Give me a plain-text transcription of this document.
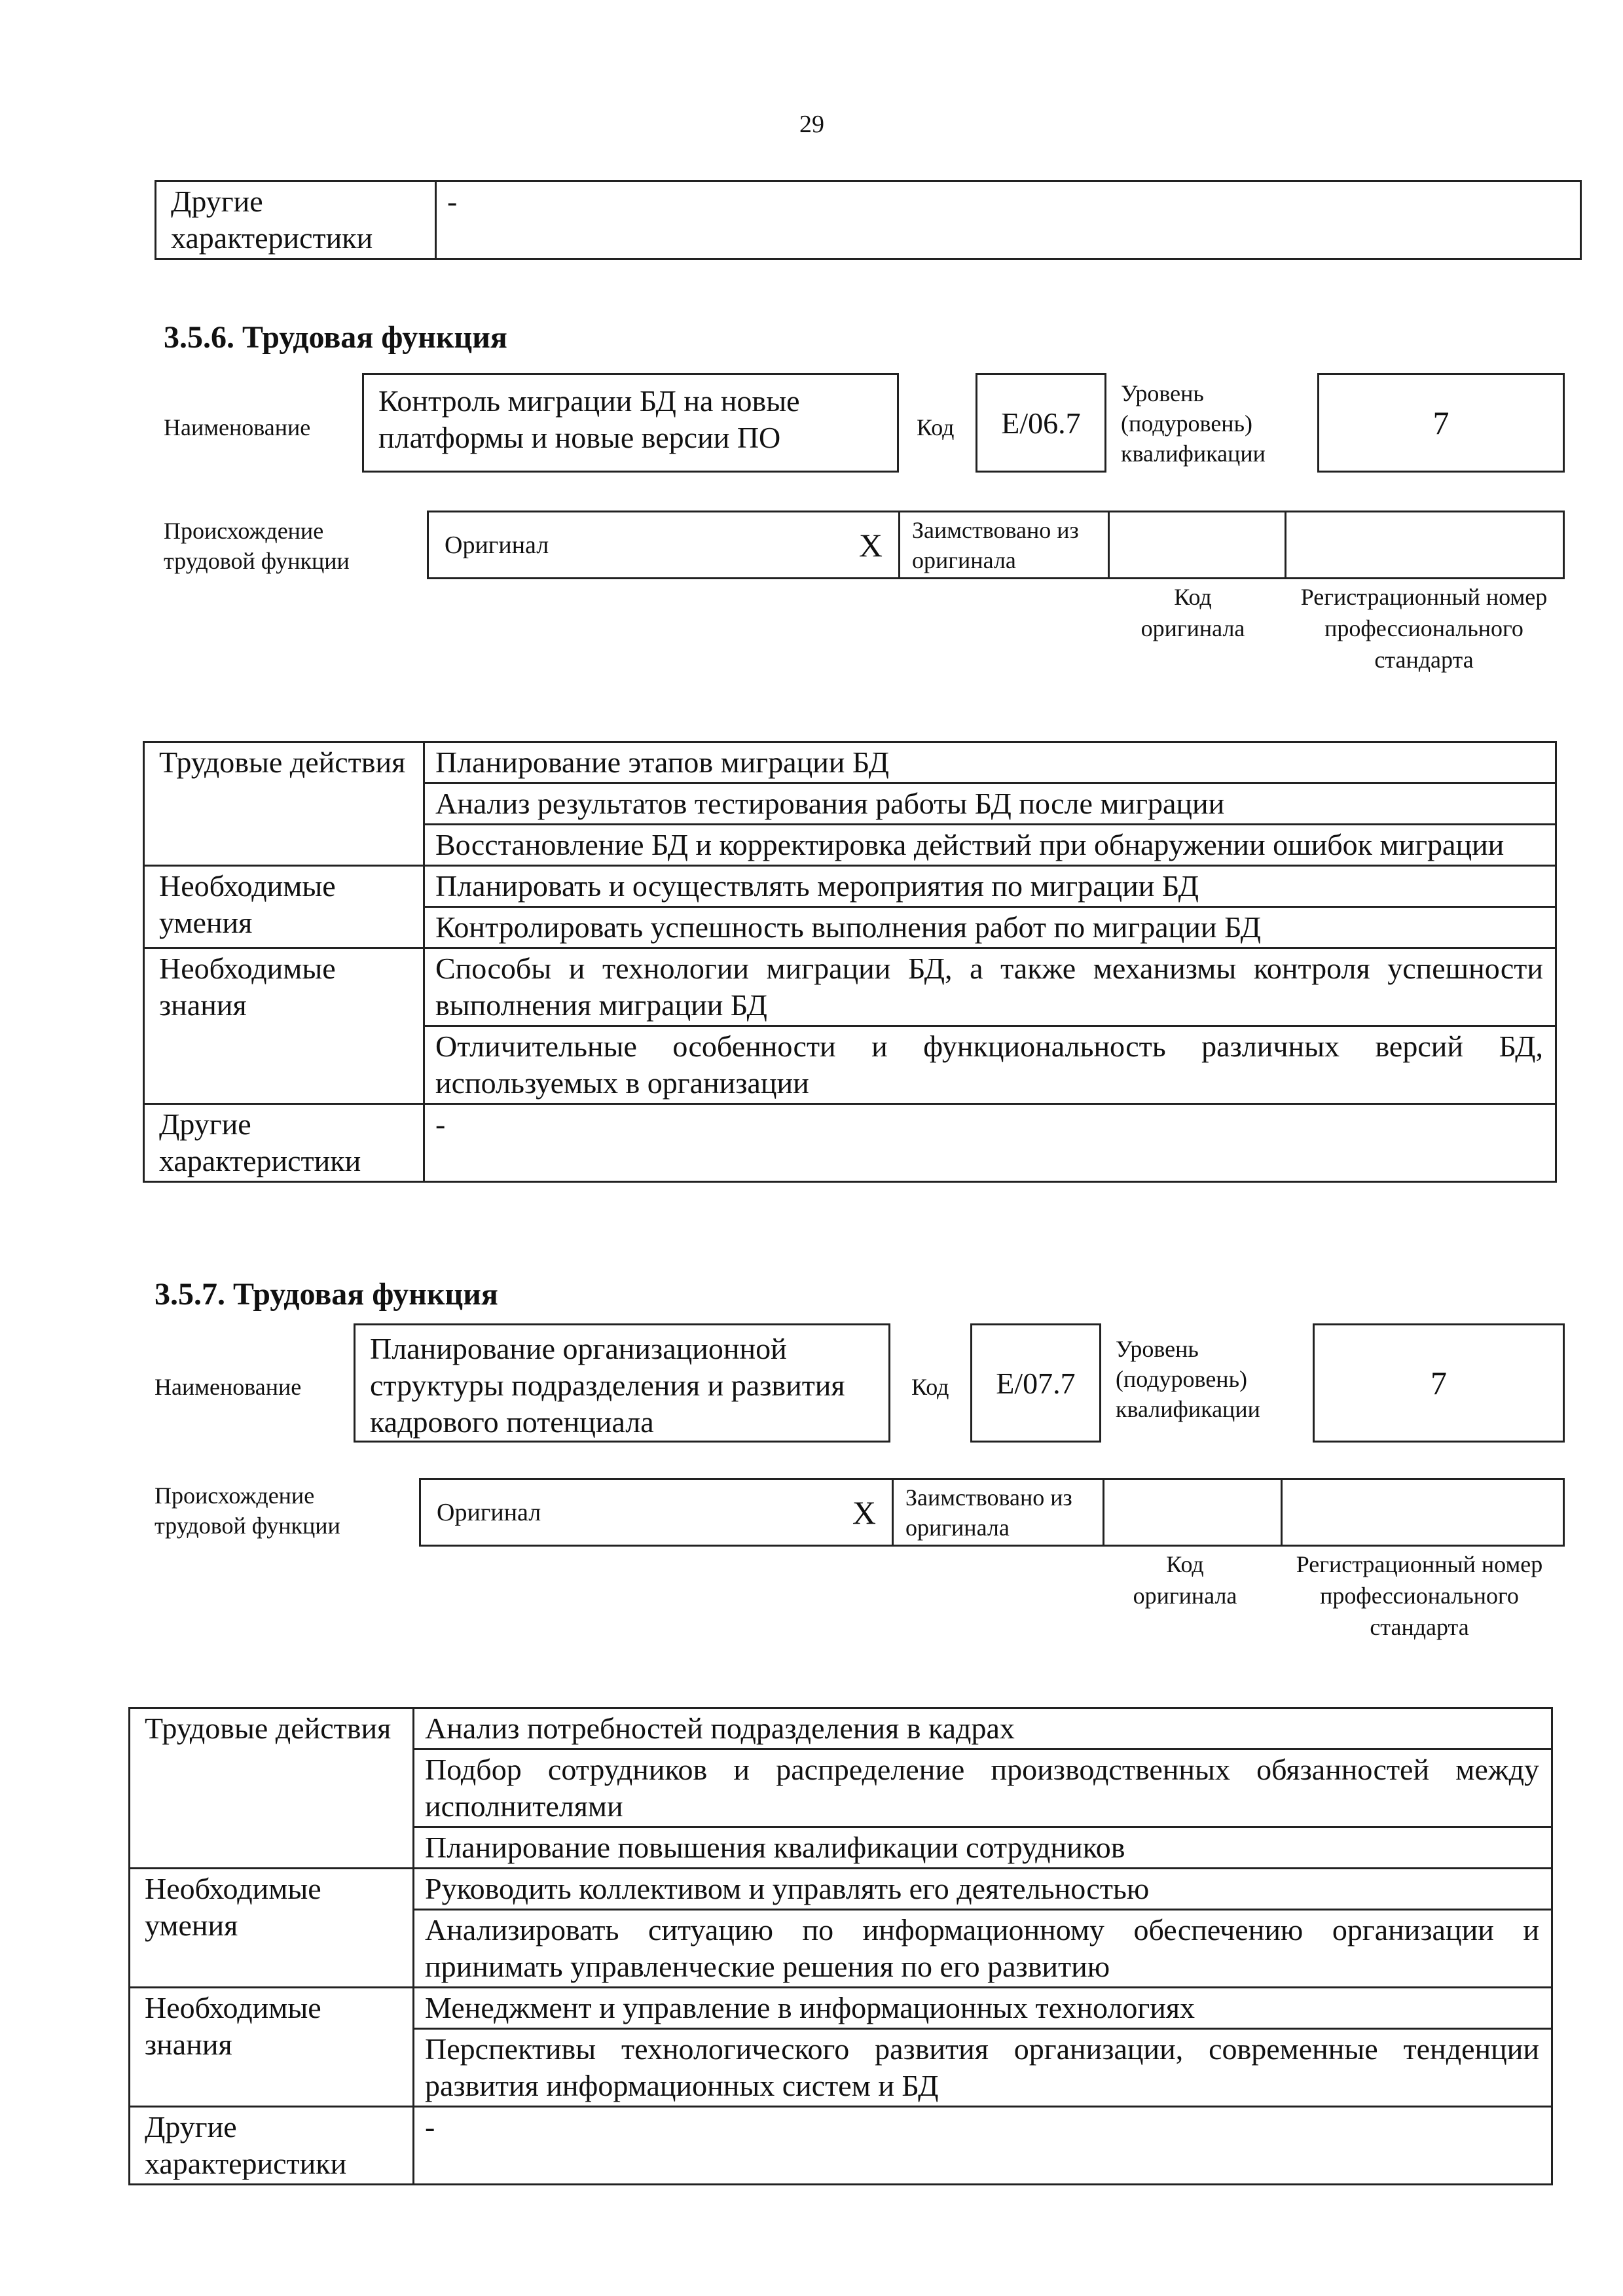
29
Другие характеристики	-
3.5.6. Трудовая функция
Наименование
Контроль миграции БД на новые платформы и новые версии ПО	Код	E/06.7
Уровень (подуровень) квалификации
7
Происхождение трудовой функции
Оригинал	X	Заимствовано из оригинала
Код оригинала
Регистрационный номер профессионального стандарта
Трудовые действия	Планирование этапов миграции БД
	Анализ результатов тестирования работы БД после миграции
	Восстановление БД и корректировка действий при обнаружении ошибок миграции
Необходимые умения	Планировать и осуществлять мероприятия по миграции БД
	Контролировать успешность выполнения работ по миграции БД
Необходимые знания	Способы и технологии миграции БД, а также механизмы контроля успешности выполнения миграции БД
	Отличительные особенности и функциональность различных версий БД, используемых в организации
Другие характеристики	-
3.5.7. Трудовая функция
Наименование
Планирование организационной структуры подразделения и развития кадрового потенциала
Код	E/07.7
Уровень (подуровень) квалификации
7
Происхождение трудовой функции	Оригинал	X	Заимствовано из оригинала
Код оригинала
Регистрационный номер профессионального стандарта
Трудовые действия	Анализ потребностей подразделения в кадрах
	Подбор сотрудников и распределение производственных обязанностей между исполнителями
	Планирование повышения квалификации сотрудников
Необходимые умения	Руководить коллективом и управлять его деятельностью
	Анализировать ситуацию по информационному обеспечению организации и принимать управленческие решения по его развитию
Необходимые знания	Менеджмент и управление в информационных технологиях
	Перспективы технологического развития организации, современные тенденции развития информационных систем и БД
Другие характеристики	-
